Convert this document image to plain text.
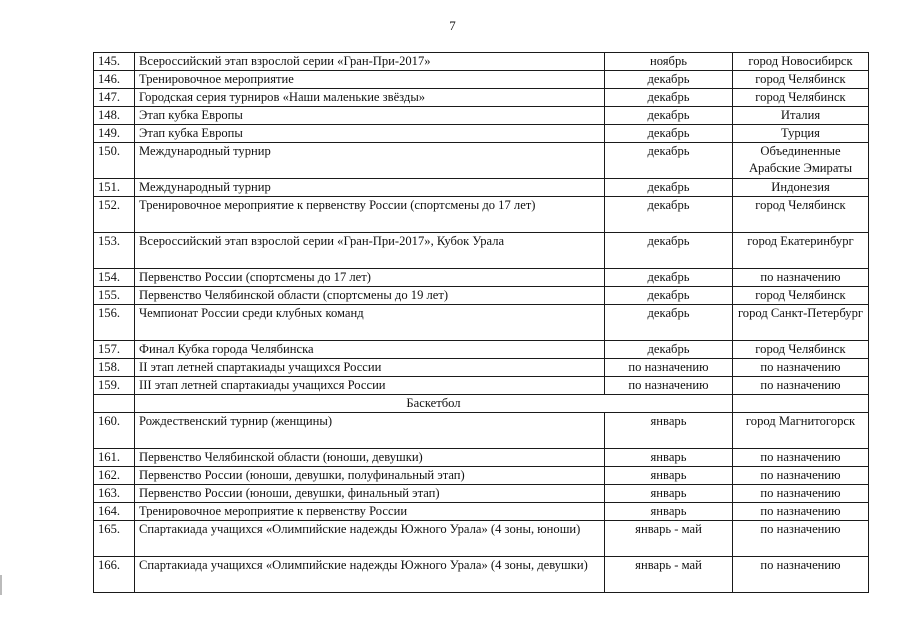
7
145.	Всероссийский этап взрослой серии «Гран-При-2017»	ноябрь	город Новосибирск
146.	Тренировочное мероприятие	декабрь	город Челябинск
147.	Городская серия турниров «Наши маленькие звёзды»	декабрь	город Челябинск
148.	Этап кубка Европы	декабрь	Италия
149.	Этап кубка Европы	декабрь	Турция
150.	Международный турнир	декабрь	Объединенные Арабские Эмираты
151.	Международный турнир	декабрь	Индонезия
152.	Тренировочное мероприятие к первенству России (спортсмены до 17 лет)	декабрь	город Челябинск
153.	Всероссийский этап взрослой серии «Гран-При-2017», Кубок Урала	декабрь	город Екатеринбург
154.	Первенство России (спортсмены до 17 лет)	декабрь	по назначению
155.	Первенство Челябинской области (спортсмены до 19 лет)	декабрь	город Челябинск
156.	Чемпионат России среди клубных команд	декабрь	город Санкт-Петербург
157.	Финал Кубка города Челябинска	декабрь	город Челябинск
158.	II этап летней спартакиады учащихся России	по назначению	по назначению
159.	III этап летней спартакиады учащихся России	по назначению	по назначению
	Баскетбол		
160.	Рождественский турнир (женщины)	январь	город Магнитогорск
161.	Первенство Челябинской области (юноши, девушки)	январь	по назначению
162.	Первенство России (юноши, девушки, полуфинальный этап)	январь	по назначению
163.	Первенство России (юноши, девушки, финальный этап)	январь	по назначению
164.	Тренировочное мероприятие к первенству России	январь	по назначению
165.	Спартакиада учащихся «Олимпийские надежды Южного Урала» (4 зоны, юноши)	январь - май	по назначению
166.	Спартакиада учащихся «Олимпийские надежды Южного Урала» (4 зоны, девушки)	январь - май	по назначению
